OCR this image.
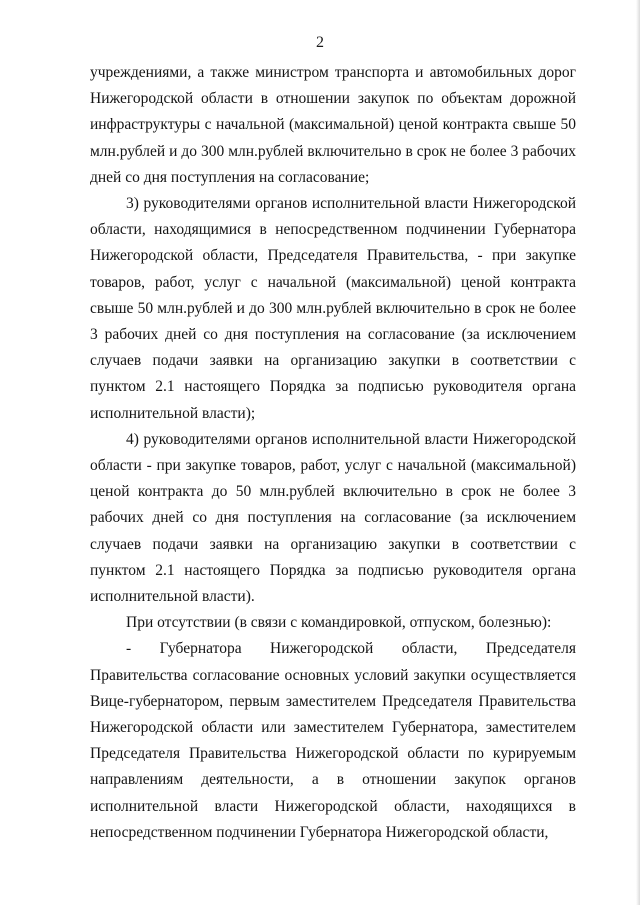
2

учреждениями, а также министром транспорта и автомобильных дорог Нижегородской области в отношении закупок по объектам дорожной инфраструктуры с начальной (максимальной) ценой контракта свыше 50 млн.рублей и до 300 млн.рублей включительно в срок не более 3 рабочих дней со дня поступления на согласование;

3) руководителями органов исполнительной власти Нижегородской области, находящимися в непосредственном подчинении Губернатора Нижегородской области, Председателя Правительства, - при закупке товаров, работ, услуг с начальной (максимальной) ценой контракта свыше 50 млн.рублей и до 300 млн.рублей включительно в срок не более 3 рабочих дней со дня поступления на согласование (за исключением случаев подачи заявки на организацию закупки в соответствии с пунктом 2.1 настоящего Порядка за подписью руководителя органа исполнительной власти);

4) руководителями органов исполнительной власти Нижегородской области - при закупке товаров, работ, услуг с начальной (максимальной) ценой контракта до 50 млн.рублей включительно в срок не более 3 рабочих дней со дня поступления на согласование (за исключением случаев подачи заявки на организацию закупки в соответствии с пунктом 2.1 настоящего Порядка за подписью руководителя органа исполнительной власти).

При отсутствии (в связи с командировкой, отпуском, болезнью):

- Губернатора Нижегородской области, Председателя Правительства согласование основных условий закупки осуществляется Вице-губернатором, первым заместителем Председателя Правительства Нижегородской области или заместителем Губернатора, заместителем Председателя Правительства Нижегородской области по курируемым направлениям деятельности, а в отношении закупок органов исполнительной власти Нижегородской области, находящихся в непосредственном подчинении Губернатора Нижегородской области,
